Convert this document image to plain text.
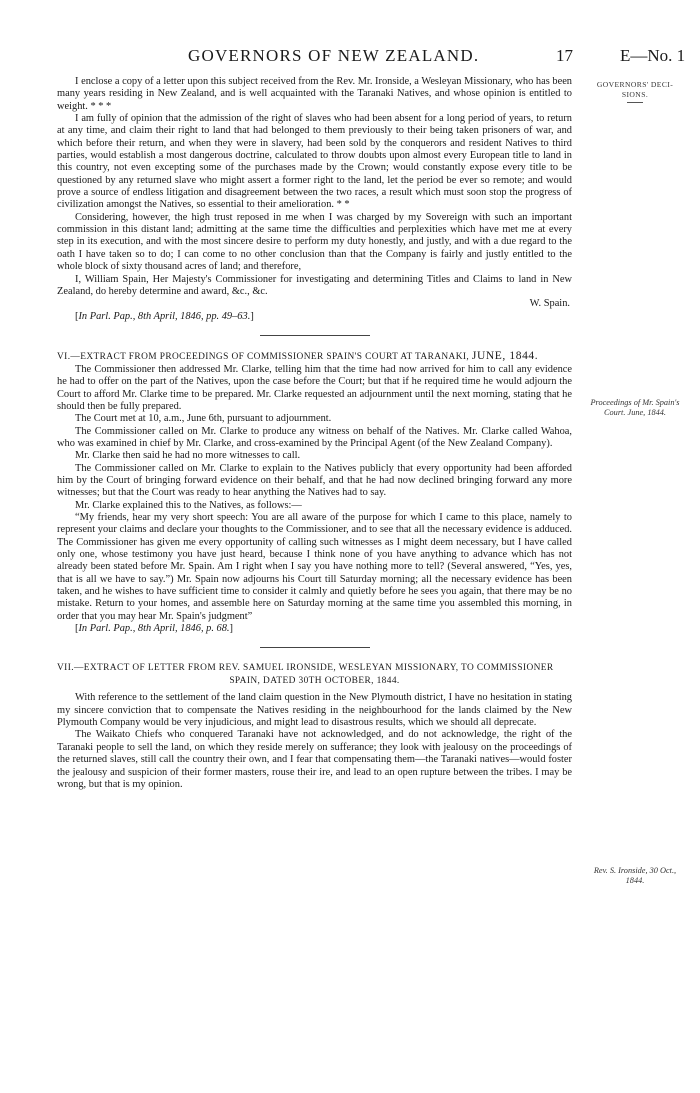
GOVERNORS OF NEW ZEALAND.	17	E—No. 1
GOVERNORS' DECI-SIONS.
Proceedings of Mr. Spain's Court. June, 1844.
Rev. S. Ironside, 30 Oct., 1844.

I enclose a copy of a letter upon this subject received from the Rev. Mr. Ironside, a Wesleyan Missionary, who has been many years residing in New Zealand, and is well acquainted with the Taranaki Natives, and whose opinion is entitled to weight. * * *

I am fully of opinion that the admission of the right of slaves who had been absent for a long period of years, to return at any time, and claim their right to land that had belonged to them previously to their being taken prisoners of war, and which before their return, and when they were in slavery, had been sold by the conquerors and resident Natives to third parties, would establish a most dangerous doctrine, calculated to throw doubts upon almost every European title to land in this country, not even excepting some of the purchases made by the Crown; would constantly expose every title to be questioned by any returned slave who might assert a former right to the land, let the period be ever so remote; and would prove a source of endless litigation and disagreement between the two races, a result which must soon stop the progress of civilization amongst the Natives, so essential to their amelioration. * *

Considering, however, the high trust reposed in me when I was charged by my Sovereign with such an important commission in this distant land; admitting at the same time the difficulties and perplexities which have met me at every step in its execution, and with the most sincere desire to perform my duty honestly, and justly, and with a due regard to the oath I have taken so to do; I can come to no other conclusion than that the Company is fairly and justly entitled to the whole block of sixty thousand acres of land; and therefore,

I, William Spain, Her Majesty's Commissioner for investigating and determining Titles and Claims to land in New Zealand, do hereby determine and award, &c., &c.

W. Spain.

[In Parl. Pap., 8th April, 1846, pp. 49–63.]

VI.—EXTRACT FROM PROCEEDINGS OF COMMISSIONER SPAIN'S COURT AT TARANAKI, JUNE, 1844.

The Commissioner then addressed Mr. Clarke, telling him that the time had now arrived for him to call any evidence he had to offer on the part of the Natives, upon the case before the Court; but that if he required time he would adjourn the Court to afford Mr. Clarke time to be prepared. Mr. Clarke requested an adjournment until the next morning, stating that he should then be fully prepared.

The Court met at 10, a.m., June 6th, pursuant to adjournment.

The Commissioner called on Mr. Clarke to produce any witness on behalf of the Natives. Mr. Clarke called Wahoa, who was examined in chief by Mr. Clarke, and cross-examined by the Principal Agent (of the New Zealand Company).

Mr. Clarke then said he had no more witnesses to call.

The Commissioner called on Mr. Clarke to explain to the Natives publicly that every opportunity had been afforded him by the Court of bringing forward evidence on their behalf, and that he had now declined bringing forward any more witnesses; but that the Court was ready to hear anything the Natives had to say.

Mr. Clarke explained this to the Natives, as follows:—

“My friends, hear my very short speech: You are all aware of the purpose for which I came to this place, namely to represent your claims and declare your thoughts to the Commissioner, and to see that all the necessary evidence is adduced. The Commissioner has given me every opportunity of calling such witnesses as I might deem necessary, but I have called only one, whose testimony you have just heard, because I think none of you have anything to advance which has not already been stated before Mr. Spain. Am I right when I say you have nothing more to tell? (Several answered, “Yes, yes, that is all we have to say.”) Mr. Spain now adjourns his Court till Saturday morning; all the necessary evidence has been taken, and he wishes to have sufficient time to consider it calmly and quietly before he sees you again, that there may be no mistake. Return to your homes, and assemble here on Saturday morning at the same time you assembled this morning, in order that you may hear Mr. Spain's judgment”

[In Parl. Pap., 8th April, 1846, p. 68.]

VII.—EXTRACT OF LETTER FROM REV. SAMUEL IRONSIDE, WESLEYAN MISSIONARY, TO COMMISSIONER

SPAIN, DATED 30TH OCTOBER, 1844.

With reference to the settlement of the land claim question in the New Plymouth district, I have no hesitation in stating my sincere conviction that to compensate the Natives residing in the neighbourhood for the lands claimed by the New Plymouth Company would be very injudicious, and might lead to disastrous results, which we should all deprecate.

The Waikato Chiefs who conquered Taranaki have not acknowledged, and do not acknowledge, the right of the Taranaki people to sell the land, on which they reside merely on sufferance; they look with jealousy on the proceedings of the returned slaves, still call the country their own, and I fear that compensating them—the Taranaki natives—would foster the jealousy and suspicion of their former masters, rouse their ire, and lead to an open rupture between the tribes. I may be wrong, but that is my opinion.
